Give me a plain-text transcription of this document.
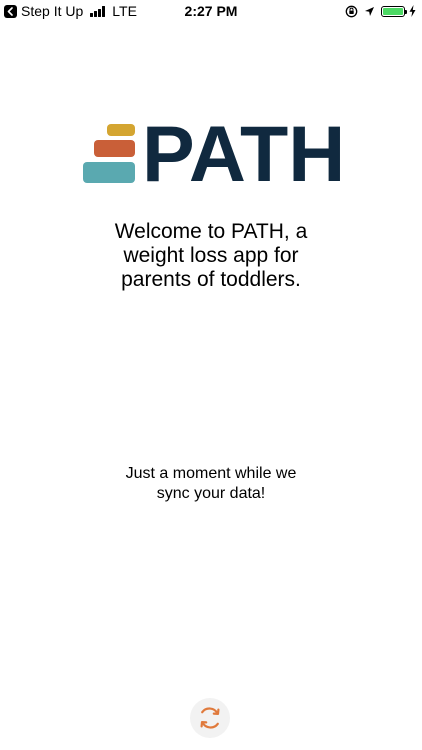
Step It Up LTE	2:27 PM
PATH

Welcome to PATH, a
weight loss app for
parents of toddlers.

Just a moment while we
sync your data!
